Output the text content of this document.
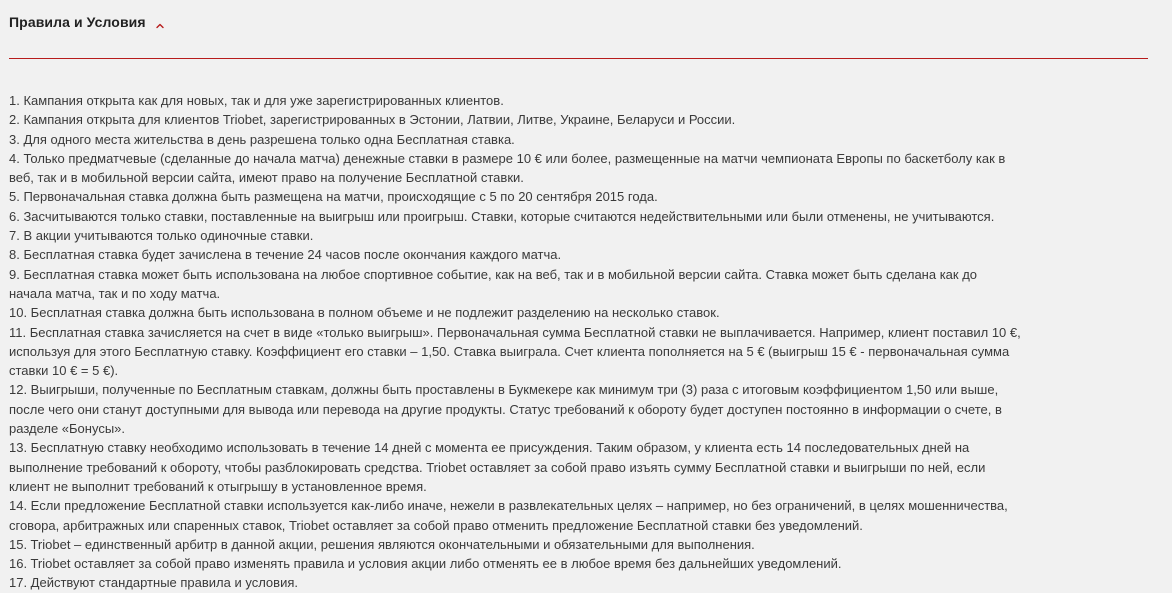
Правила и Условия
1. Кампания открыта как для новых, так и для уже зарегистрированных клиентов.
2. Кампания открыта для клиентов Triobet, зарегистрированных в Эстонии, Латвии, Литве, Украине, Беларуси и России.
3. Для одного места жительства в день разрешена только одна Бесплатная ставка.
4. Только предматчевые (сделанные до начала матча) денежные ставки в размере 10 € или более, размещенные на матчи чемпионата Европы по баскетболу как в
веб, так и в мобильной версии сайта, имеют право на получение Бесплатной ставки.
5. Первоначальная ставка должна быть размещена на матчи, происходящие с 5 по 20 сентября 2015 года.
6. Засчитываются только ставки, поставленные на выигрыш или проигрыш. Ставки, которые считаются недействительными или были отменены, не учитываются.
7. В акции учитываются только одиночные ставки.
8. Бесплатная ставка будет зачислена в течение 24 часов после окончания каждого матча.
9. Бесплатная ставка может быть использована на любое спортивное событие, как на веб, так и в мобильной версии сайта. Ставка может быть сделана как до
начала матча, так и по ходу матча.
10. Бесплатная ставка должна быть использована в полном объеме и не подлежит разделению на несколько ставок.
11. Бесплатная ставка зачисляется на счет в виде «только выигрыш». Первоначальная сумма Бесплатной ставки не выплачивается. Например, клиент поставил 10 €,
используя для этого Бесплатную ставку. Коэффициент его ставки – 1,50. Ставка выиграла. Счет клиента пополняется на 5 € (выигрыш 15 € - первоначальная сумма
ставки 10 € = 5 €).
12. Выигрыши, полученные по Бесплатным ставкам, должны быть проставлены в Букмекере как минимум три (3) раза с итоговым коэффициентом 1,50 или выше,
после чего они станут доступными для вывода или перевода на другие продукты. Статус требований к обороту будет доступен постоянно в информации о счете, в
разделе «Бонусы».
13. Бесплатную ставку необходимо использовать в течение 14 дней с момента ее присуждения. Таким образом, у клиента есть 14 последовательных дней на
выполнение требований к обороту, чтобы разблокировать средства. Triobet оставляет за собой право изъять сумму Бесплатной ставки и выигрыши по ней, если
клиент не выполнит требований к отыгрышу в установленное время.
14. Если предложение Бесплатной ставки используется как-либо иначе, нежели в развлекательных целях – например, но без ограничений, в целях мошенничества,
сговора, арбитражных или спаренных ставок, Triobet оставляет за собой право отменить предложение Бесплатной ставки без уведомлений.
15. Triobet – единственный арбитр в данной акции, решения являются окончательными и обязательными для выполнения.
16. Triobet оставляет за собой право изменять правила и условия акции либо отменять ее в любое время без дальнейших уведомлений.
17. Действуют стандартные правила и условия.
